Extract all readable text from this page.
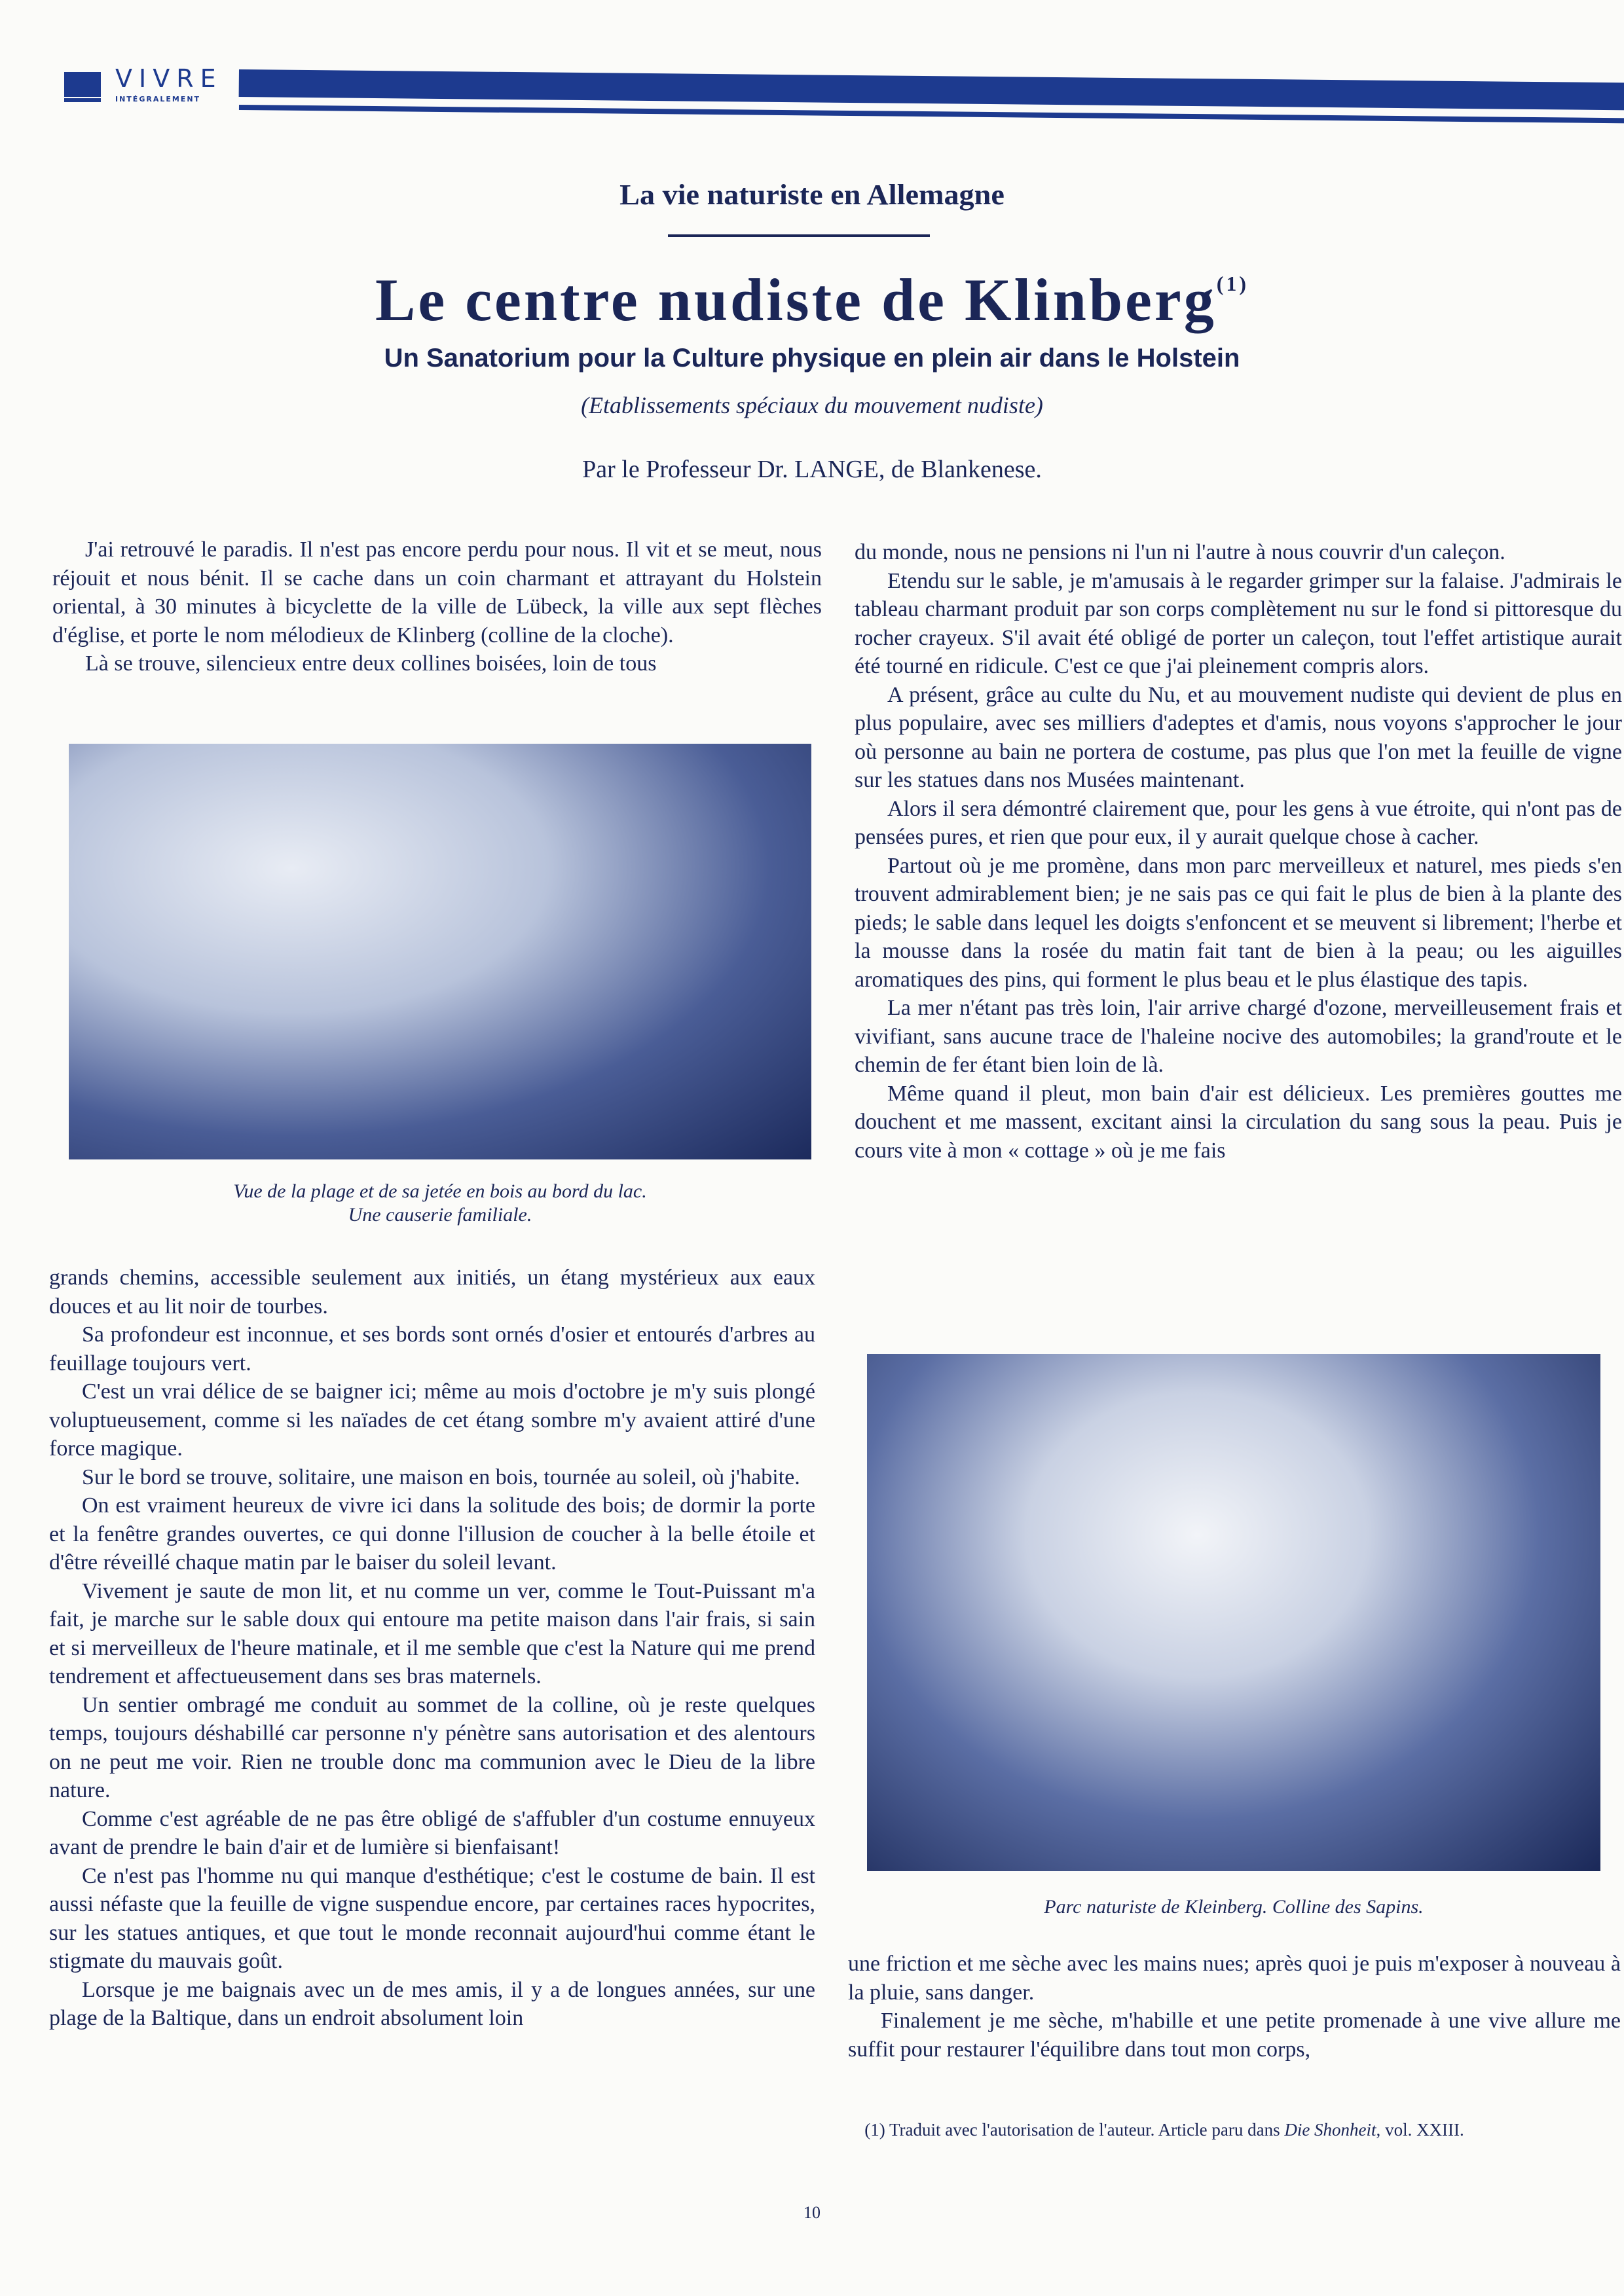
VIVRE
INTÉGRALEMENT
La vie naturiste en Allemagne
Le centre nudiste de Klinberg$^{(1)}$
Un Sanatorium pour la Culture physique en plein air dans le Holstein
(Etablissements spéciaux du mouvement nudiste)
Par le Professeur Dr. LANGE, de Blankenese.

J'ai retrouvé le paradis. Il n'est pas encore perdu pour nous. Il vit et se meut, nous réjouit et nous bénit. Il se cache dans un coin charmant et attrayant du Holstein oriental, à 30 minutes à bicyclette de la ville de Lübeck, la ville aux sept flèches d'église, et porte le nom mélodieux de Klinberg (colline de la cloche).

Là se trouve, silencieux entre deux collines boisées, loin de tous

Vue de la plage et de sa jetée en bois au bord du lac.
Une causerie familiale.

grands chemins, accessible seulement aux initiés, un étang mystérieux aux eaux douces et au lit noir de tourbes.

Sa profondeur est inconnue, et ses bords sont ornés d'osier et entourés d'arbres au feuillage toujours vert.

C'est un vrai délice de se baigner ici; même au mois d'octobre je m'y suis plongé voluptueusement, comme si les naïades de cet étang sombre m'y avaient attiré d'une force magique.

Sur le bord se trouve, solitaire, une maison en bois, tournée au soleil, où j'habite.

On est vraiment heureux de vivre ici dans la solitude des bois; de dormir la porte et la fenêtre grandes ouvertes, ce qui donne l'illusion de coucher à la belle étoile et d'être réveillé chaque matin par le baiser du soleil levant.

Vivement je saute de mon lit, et nu comme un ver, comme le Tout-Puissant m'a fait, je marche sur le sable doux qui entoure ma petite maison dans l'air frais, si sain et si merveilleux de l'heure matinale, et il me semble que c'est la Nature qui me prend tendrement et affectueusement dans ses bras maternels.

Un sentier ombragé me conduit au sommet de la colline, où je reste quelques temps, toujours déshabillé car personne n'y pénètre sans autorisation et des alentours on ne peut me voir. Rien ne trouble donc ma communion avec le Dieu de la libre nature.

Comme c'est agréable de ne pas être obligé de s'affubler d'un costume ennuyeux avant de prendre le bain d'air et de lumière si bienfaisant!

Ce n'est pas l'homme nu qui manque d'esthétique; c'est le costume de bain. Il est aussi néfaste que la feuille de vigne suspendue encore, par certaines races hypocrites, sur les statues antiques, et que tout le monde reconnait aujourd'hui comme étant le stigmate du mauvais goût.

Lorsque je me baignais avec un de mes amis, il y a de longues années, sur une plage de la Baltique, dans un endroit absolument loin

du monde, nous ne pensions ni l'un ni l'autre à nous couvrir d'un caleçon.

Etendu sur le sable, je m'amusais à le regarder grimper sur la falaise. J'admirais le tableau charmant produit par son corps complètement nu sur le fond si pittoresque du rocher crayeux. S'il avait été obligé de porter un caleçon, tout l'effet artistique aurait été tourné en ridicule. C'est ce que j'ai pleinement compris alors.

A présent, grâce au culte du Nu, et au mouvement nudiste qui devient de plus en plus populaire, avec ses milliers d'adeptes et d'amis, nous voyons s'approcher le jour où personne au bain ne portera de costume, pas plus que l'on met la feuille de vigne sur les statues dans nos Musées maintenant.

Alors il sera démontré clairement que, pour les gens à vue étroite, qui n'ont pas de pensées pures, et rien que pour eux, il y aurait quelque chose à cacher.

Partout où je me promène, dans mon parc merveilleux et naturel, mes pieds s'en trouvent admirablement bien; je ne sais pas ce qui fait le plus de bien à la plante des pieds; le sable dans lequel les doigts s'enfoncent et se meuvent si librement; l'herbe et la mousse dans la rosée du matin fait tant de bien à la peau; ou les aiguilles aromatiques des pins, qui forment le plus beau et le plus élastique des tapis.

La mer n'étant pas très loin, l'air arrive chargé d'ozone, merveilleusement frais et vivifiant, sans aucune trace de l'haleine nocive des automobiles; la grand'route et le chemin de fer étant bien loin de là.

Même quand il pleut, mon bain d'air est délicieux. Les premières gouttes me douchent et me massent, excitant ainsi la circulation du sang sous la peau. Puis je cours vite à mon « cottage » où je me fais

Parc naturiste de Kleinberg. Colline des Sapins.

une friction et me sèche avec les mains nues; après quoi je puis m'exposer à nouveau à la pluie, sans danger.

Finalement je me sèche, m'habille et une petite promenade à une vive allure me suffit pour restaurer l'équilibre dans tout mon corps,

(1) Traduit avec l'autorisation de l'auteur. Article paru dans Die Shonheit, vol. XXIII.
10
